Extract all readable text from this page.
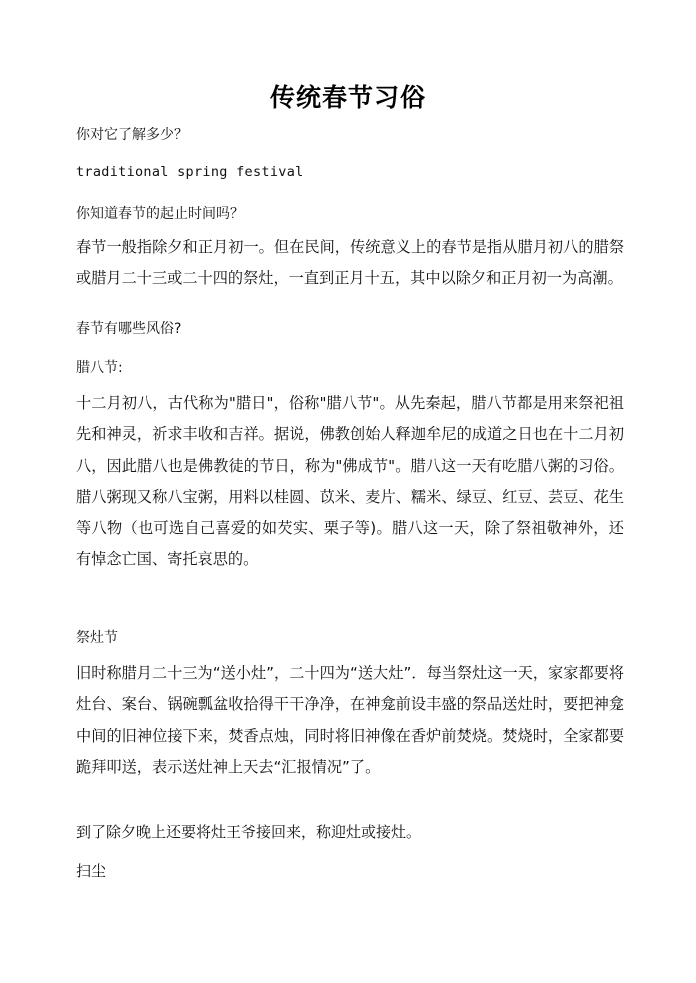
传统春节习俗
你对它了解多少？
traditional spring festival
你知道春节的起止时间吗？
春节一般指除夕和正月初一。但在民间，传统意义上的春节是指从腊月初八的腊祭或腊月二十三或二十四的祭灶，一直到正月十五，其中以除夕和正月初一为高潮。
春节有哪些风俗?
腊八节:
十二月初八，古代称为"腊日"，俗称"腊八节"。从先秦起，腊八节都是用来祭祀祖先和神灵，祈求丰收和吉祥。据说，佛教创始人释迦牟尼的成道之日也在十二月初八，因此腊八也是佛教徒的节日，称为"佛成节"。腊八这一天有吃腊八粥的习俗。腊八粥现又称八宝粥，用料以桂圆、苡米、麦片、糯米、绿豆、红豆、芸豆、花生等八物（也可选自己喜爱的如芡实、栗子等)。腊八这一天，除了祭祖敬神外，还有悼念亡国、寄托哀思的。
祭灶节
旧时称腊月二十三为“送小灶”，二十四为“送大灶”．每当祭灶这一天，家家都要将灶台、案台、锅碗瓢盆收拾得干干净净，在神龛前设丰盛的祭品送灶时，要把神龛中间的旧神位接下来，焚香点烛，同时将旧神像在香炉前焚烧。焚烧时，全家都要跪拜叩送，表示送灶神上天去“汇报情况”了。
到了除夕晚上还要将灶王爷接回来，称迎灶或接灶。
扫尘
